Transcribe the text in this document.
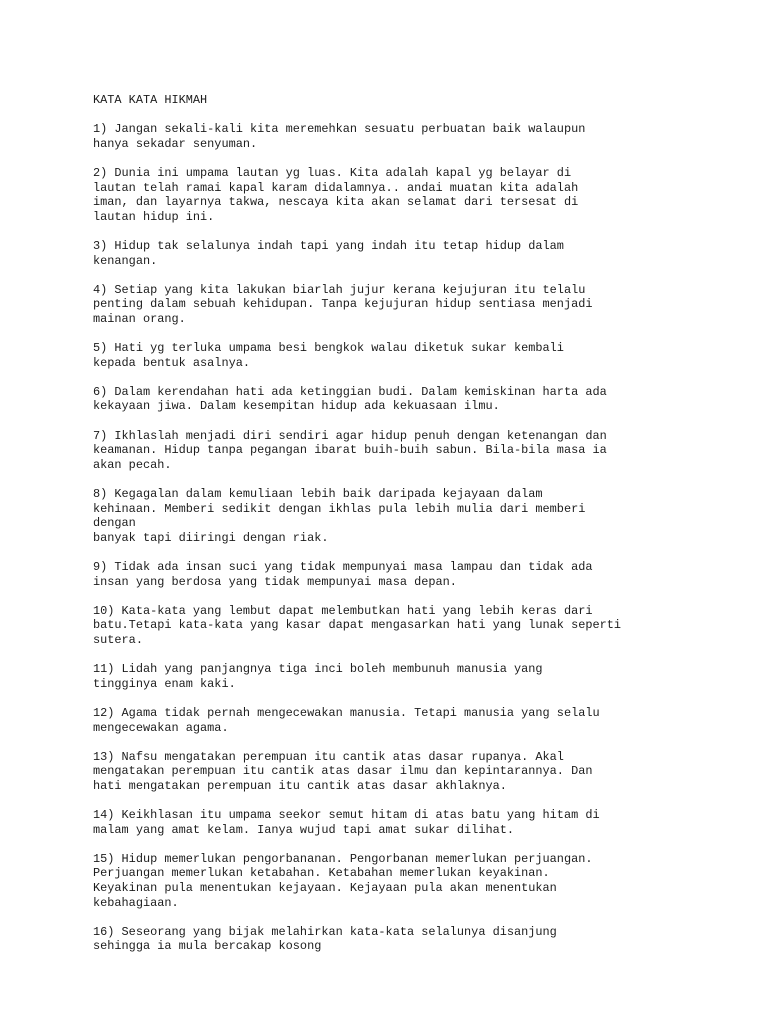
KATA KATA HIKMAH
1) Jangan sekali-kali kita meremehkan sesuatu perbuatan baik walaupun
hanya sekadar senyuman.
2) Dunia ini umpama lautan yg luas. Kita adalah kapal yg belayar di
lautan telah ramai kapal karam didalamnya.. andai muatan kita adalah
iman, dan layarnya takwa, nescaya kita akan selamat dari tersesat di
lautan hidup ini.
3) Hidup tak selalunya indah tapi yang indah itu tetap hidup dalam
kenangan.
4) Setiap yang kita lakukan biarlah jujur kerana kejujuran itu telalu
penting dalam sebuah kehidupan. Tanpa kejujuran hidup sentiasa menjadi
mainan orang.
5) Hati yg terluka umpama besi bengkok walau diketuk sukar kembali
kepada bentuk asalnya.
6) Dalam kerendahan hati ada ketinggian budi. Dalam kemiskinan harta ada
kekayaan jiwa. Dalam kesempitan hidup ada kekuasaan ilmu.
7) Ikhlaslah menjadi diri sendiri agar hidup penuh dengan ketenangan dan
keamanan. Hidup tanpa pegangan ibarat buih-buih sabun. Bila-bila masa ia
akan pecah.
8) Kegagalan dalam kemuliaan lebih baik daripada kejayaan dalam
kehinaan. Memberi sedikit dengan ikhlas pula lebih mulia dari memberi
dengan
banyak tapi diiringi dengan riak.
9) Tidak ada insan suci yang tidak mempunyai masa lampau dan tidak ada
insan yang berdosa yang tidak mempunyai masa depan.
10) Kata-kata yang lembut dapat melembutkan hati yang lebih keras dari
batu.Tetapi kata-kata yang kasar dapat mengasarkan hati yang lunak seperti
sutera.
11) Lidah yang panjangnya tiga inci boleh membunuh manusia yang
tingginya enam kaki.
12) Agama tidak pernah mengecewakan manusia. Tetapi manusia yang selalu
mengecewakan agama.
13) Nafsu mengatakan perempuan itu cantik atas dasar rupanya. Akal
mengatakan perempuan itu cantik atas dasar ilmu dan kepintarannya. Dan
hati mengatakan perempuan itu cantik atas dasar akhlaknya.
14) Keikhlasan itu umpama seekor semut hitam di atas batu yang hitam di
malam yang amat kelam. Ianya wujud tapi amat sukar dilihat.
15) Hidup memerlukan pengorbananan. Pengorbanan memerlukan perjuangan.
Perjuangan memerlukan ketabahan. Ketabahan memerlukan keyakinan.
Keyakinan pula menentukan kejayaan. Kejayaan pula akan menentukan
kebahagiaan.
16) Seseorang yang bijak melahirkan kata-kata selalunya disanjung
sehingga ia mula bercakap kosong
